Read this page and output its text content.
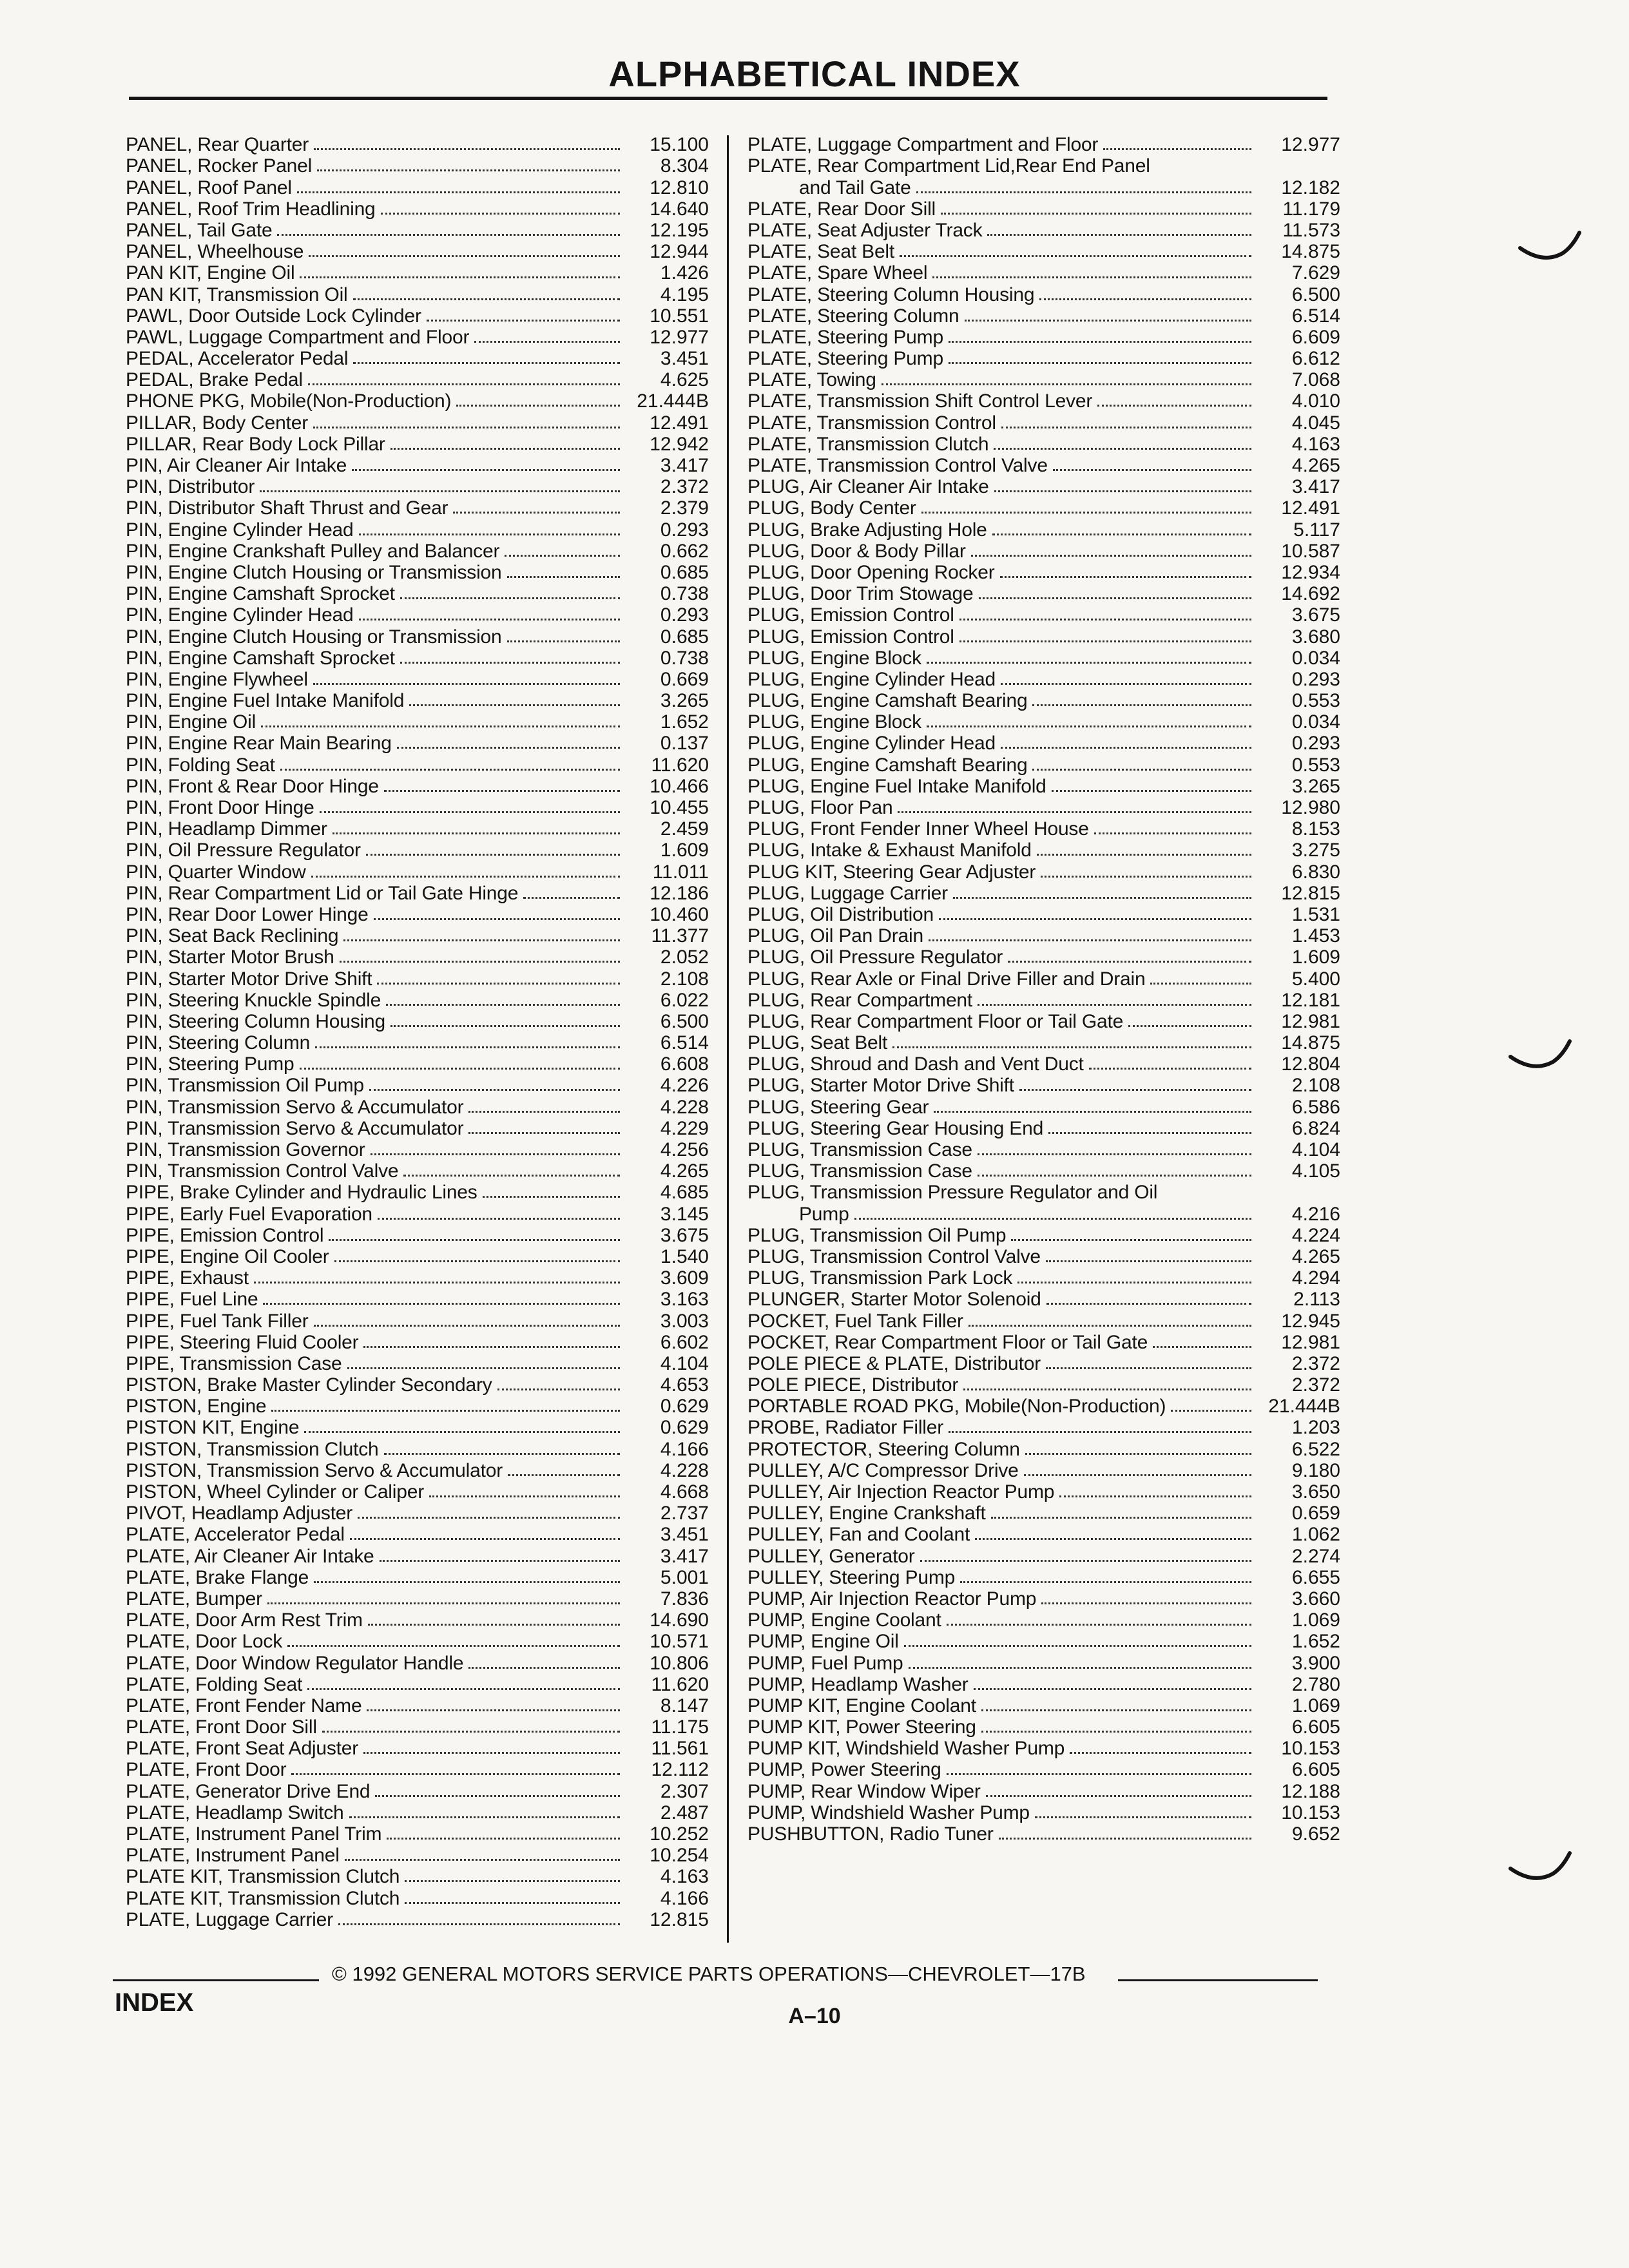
ALPHABETICAL INDEX
PANEL, Rear Quarter	15.100
PANEL, Rocker Panel	8.304
PANEL, Roof Panel	12.810
PANEL, Roof Trim Headlining	14.640
PANEL, Tail Gate	12.195
PANEL, Wheelhouse	12.944
PAN KIT, Engine Oil	1.426
PAN KIT, Transmission Oil	4.195
PAWL, Door Outside Lock Cylinder	10.551
PAWL, Luggage Compartment and Floor	12.977
PEDAL, Accelerator Pedal	3.451
PEDAL, Brake Pedal	4.625
PHONE PKG, Mobile(Non-Production)	21.444B
PILLAR, Body Center	12.491
PILLAR, Rear Body Lock Pillar	12.942
PIN, Air Cleaner Air Intake	3.417
PIN, Distributor	2.372
PIN, Distributor Shaft Thrust and Gear	2.379
PIN, Engine Cylinder Head	0.293
PIN, Engine Crankshaft Pulley and Balancer	0.662
PIN, Engine Clutch Housing or Transmission	0.685
PIN, Engine Camshaft Sprocket	0.738
PIN, Engine Cylinder Head	0.293
PIN, Engine Clutch Housing or Transmission	0.685
PIN, Engine Camshaft Sprocket	0.738
PIN, Engine Flywheel	0.669
PIN, Engine Fuel Intake Manifold	3.265
PIN, Engine Oil	1.652
PIN, Engine Rear Main Bearing	0.137
PIN, Folding Seat	11.620
PIN, Front & Rear Door Hinge	10.466
PIN, Front Door Hinge	10.455
PIN, Headlamp Dimmer	2.459
PIN, Oil Pressure Regulator	1.609
PIN, Quarter Window	11.011
PIN, Rear Compartment Lid or Tail Gate Hinge	12.186
PIN, Rear Door Lower Hinge	10.460
PIN, Seat Back Reclining	11.377
PIN, Starter Motor Brush	2.052
PIN, Starter Motor Drive Shift	2.108
PIN, Steering Knuckle Spindle	6.022
PIN, Steering Column Housing	6.500
PIN, Steering Column	6.514
PIN, Steering Pump	6.608
PIN, Transmission Oil Pump	4.226
PIN, Transmission Servo & Accumulator	4.228
PIN, Transmission Servo & Accumulator	4.229
PIN, Transmission Governor	4.256
PIN, Transmission Control Valve	4.265
PIPE, Brake Cylinder and Hydraulic Lines	4.685
PIPE, Early Fuel Evaporation	3.145
PIPE, Emission Control	3.675
PIPE, Engine Oil Cooler	1.540
PIPE, Exhaust	3.609
PIPE, Fuel Line	3.163
PIPE, Fuel Tank Filler	3.003
PIPE, Steering Fluid Cooler	6.602
PIPE, Transmission Case	4.104
PISTON, Brake Master Cylinder Secondary	4.653
PISTON, Engine	0.629
PISTON KIT, Engine	0.629
PISTON, Transmission Clutch	4.166
PISTON, Transmission Servo & Accumulator	4.228
PISTON, Wheel Cylinder or Caliper	4.668
PIVOT, Headlamp Adjuster	2.737
PLATE, Accelerator Pedal	3.451
PLATE, Air Cleaner Air Intake	3.417
PLATE, Brake Flange	5.001
PLATE, Bumper	7.836
PLATE, Door Arm Rest Trim	14.690
PLATE, Door Lock	10.571
PLATE, Door Window Regulator Handle	10.806
PLATE, Folding Seat	11.620
PLATE, Front Fender Name	8.147
PLATE, Front Door Sill	11.175
PLATE, Front Seat Adjuster	11.561
PLATE, Front Door	12.112
PLATE, Generator Drive End	2.307
PLATE, Headlamp Switch	2.487
PLATE, Instrument Panel Trim	10.252
PLATE, Instrument Panel	10.254
PLATE KIT, Transmission Clutch	4.163
PLATE KIT, Transmission Clutch	4.166
PLATE, Luggage Carrier	12.815
PLATE, Luggage Compartment and Floor	12.977
PLATE, Rear Compartment Lid,Rear End Panel
and Tail Gate	12.182
PLATE, Rear Door Sill	11.179
PLATE, Seat Adjuster Track	11.573
PLATE, Seat Belt	14.875
PLATE, Spare Wheel	7.629
PLATE, Steering Column Housing	6.500
PLATE, Steering Column	6.514
PLATE, Steering Pump	6.609
PLATE, Steering Pump	6.612
PLATE, Towing	7.068
PLATE, Transmission Shift Control Lever	4.010
PLATE, Transmission Control	4.045
PLATE, Transmission Clutch	4.163
PLATE, Transmission Control Valve	4.265
PLUG, Air Cleaner Air Intake	3.417
PLUG, Body Center	12.491
PLUG, Brake Adjusting Hole	5.117
PLUG, Door & Body Pillar	10.587
PLUG, Door Opening Rocker	12.934
PLUG, Door Trim Stowage	14.692
PLUG, Emission Control	3.675
PLUG, Emission Control	3.680
PLUG, Engine Block	0.034
PLUG, Engine Cylinder Head	0.293
PLUG, Engine Camshaft Bearing	0.553
PLUG, Engine Block	0.034
PLUG, Engine Cylinder Head	0.293
PLUG, Engine Camshaft Bearing	0.553
PLUG, Engine Fuel Intake Manifold	3.265
PLUG, Floor Pan	12.980
PLUG, Front Fender Inner Wheel House	8.153
PLUG, Intake & Exhaust Manifold	3.275
PLUG KIT, Steering Gear Adjuster	6.830
PLUG, Luggage Carrier	12.815
PLUG, Oil Distribution	1.531
PLUG, Oil Pan Drain	1.453
PLUG, Oil Pressure Regulator	1.609
PLUG, Rear Axle or Final Drive Filler and Drain	5.400
PLUG, Rear Compartment	12.181
PLUG, Rear Compartment Floor or Tail Gate	12.981
PLUG, Seat Belt	14.875
PLUG, Shroud and Dash and Vent Duct	12.804
PLUG, Starter Motor Drive Shift	2.108
PLUG, Steering Gear	6.586
PLUG, Steering Gear Housing End	6.824
PLUG, Transmission Case	4.104
PLUG, Transmission Case	4.105
PLUG, Transmission Pressure Regulator and Oil
Pump	4.216
PLUG, Transmission Oil Pump	4.224
PLUG, Transmission Control Valve	4.265
PLUG, Transmission Park Lock	4.294
PLUNGER, Starter Motor Solenoid	2.113
POCKET, Fuel Tank Filler	12.945
POCKET, Rear Compartment Floor or Tail Gate	12.981
POLE PIECE & PLATE, Distributor	2.372
POLE PIECE, Distributor	2.372
PORTABLE ROAD PKG, Mobile(Non-Production)	21.444B
PROBE, Radiator Filler	1.203
PROTECTOR, Steering Column	6.522
PULLEY, A/C Compressor Drive	9.180
PULLEY, Air Injection Reactor Pump	3.650
PULLEY, Engine Crankshaft	0.659
PULLEY, Fan and Coolant	1.062
PULLEY, Generator	2.274
PULLEY, Steering Pump	6.655
PUMP, Air Injection Reactor Pump	3.660
PUMP, Engine Coolant	1.069
PUMP, Engine Oil	1.652
PUMP, Fuel Pump	3.900
PUMP, Headlamp Washer	2.780
PUMP KIT, Engine Coolant	1.069
PUMP KIT, Power Steering	6.605
PUMP KIT, Windshield Washer Pump	10.153
PUMP, Power Steering	6.605
PUMP, Rear Window Wiper	12.188
PUMP, Windshield Washer Pump	10.153
PUSHBUTTON, Radio Tuner	9.652
© 1992 GENERAL MOTORS SERVICE PARTS OPERATIONS—CHEVROLET—17B
INDEX	A–10
